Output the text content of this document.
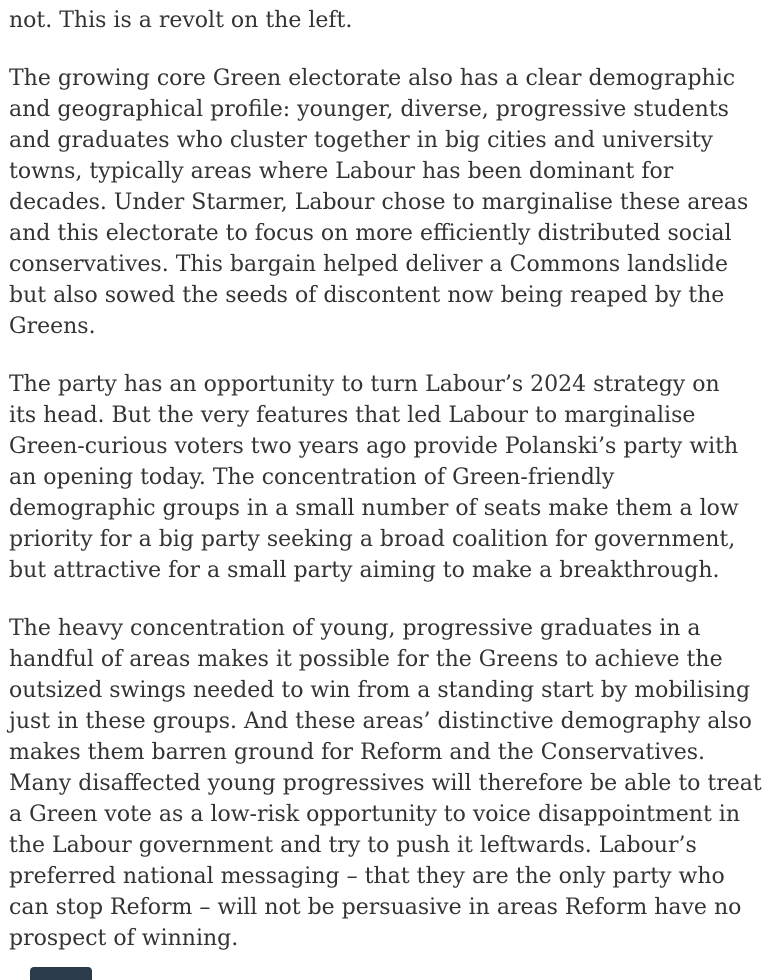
not. This is a revolt on the left.

The growing core Green electorate also has a clear demographic
and geographical profile: younger, diverse, progressive students
and graduates who cluster together in big cities and university
towns, typically areas where Labour has been dominant for
decades. Under Starmer, Labour chose to marginalise these areas
and this electorate to focus on more efficiently distributed social
conservatives. This bargain helped deliver a Commons landslide
but also sowed the seeds of discontent now being reaped by the
Greens.

The party has an opportunity to turn Labour’s 2024 strategy on
its head. But the very features that led Labour to marginalise
Green-curious voters two years ago provide Polanski’s party with
an opening today. The concentration of Green-friendly
demographic groups in a small number of seats make them a low
priority for a big party seeking a broad coalition for government,
but attractive for a small party aiming to make a breakthrough.

The heavy concentration of young, progressive graduates in a
handful of areas makes it possible for the Greens to achieve the
outsized swings needed to win from a standing start by mobilising
just in these groups. And these areas’ distinctive demography also
makes them barren ground for Reform and the Conservatives.
Many disaffected young progressives will therefore be able to treat
a Green vote as a low-risk opportunity to voice disappointment in
the Labour government and try to push it leftwards. Labour’s
preferred national messaging – that they are the only party who
can stop Reform – will not be persuasive in areas Reform have no
prospect of winning.
